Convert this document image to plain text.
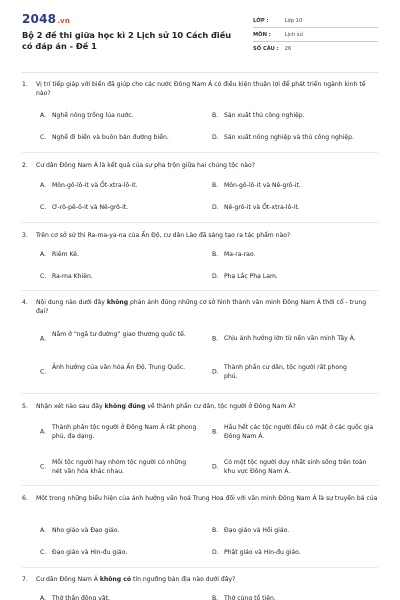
2048.vn
Bộ 2 đề thi giữa học kì 2 Lịch sử 10 Cách điều có đáp án - Đề 1
LỚP :	Lớp 10
MÔN :	Lịch sử
SỐ CÂU : 26
1.	Vị trí tiếp giáp với biển đã giúp cho các nước Đông Nam Á có điều kiện thuận lợi để phát triển ngành kinh tế nào?
A. Nghề nông trồng lúa nước.	B. Sản xuất thủ công nghiệp.
C. Nghề đi biển và buôn bán đường biển.	D. Sản xuất nông nghiệp và thủ công nghiệp.
2.	Cư dân Đông Nam Á là kết quả của sự pha trộn giữa hai chủng tộc nào?
A. Môn-gô-lô-it và Ốt-xtra-lô-it.	B. Môn-gô-lô-it và Nê-grô-it.
C. Ơ-rô-pê-ô-it và Nê-grô-it.	D. Nê-grô-it và Ốt-xtra-lô-it.
3.	Trên cơ sở sử thi Ra-ma-ya-na của Ấn Độ, cư dân Lào đã sáng tạo ra tác phẩm nào?
A. Riêm Kê.	B. Ma-ra-rao.
C. Ra-ma Khiên.	D. Phạ Lắc Phạ Lam.
4.	Nội dung nào dưới đây không phản ánh đúng những cơ sở hình thành văn minh Đông Nam Á thời cổ - trung đại?
A.
Nằm ở “ngã tư đường” giao thương quốc tế.
B. Chịu ảnh hưởng lớn từ nền văn minh Tây Á.
C.
Ảnh hưởng của văn hóa Ấn Độ, Trung Quốc.
D.
Thành phần cư dân, tộc người rất phong phú.
5.	Nhận xét nào sau đây không đúng về thành phần cư dân, tộc người ở Đông Nam Á?
A.
Thành phần tộc người ở Đông Nam Á rất phong phú, đa dạng.
B.
Hầu hết các tộc người đều có mặt ở các quốc gia Đông Nam Á.
C.
Mỗi tộc người hay nhóm tộc người có những nét văn hóa khác nhau.
D.
Có một tộc người duy nhất sinh sống trên toàn khu vực Đông Nam Á.
6.	Một trong những biểu hiện của ảnh hưởng văn hoá Trung Hoa đối với văn minh Đông Nam Á là sự truyền bá của
A. Nho giáo và Đạo giáo.	B. Đạo giáo và Hồi giáo.
C. Đạo giáo và Hin-đu giáo.	D. Phật giáo và Hin-đu giáo.
7.	Cư dân Đông Nam Á không có tín ngưỡng bản địa nào dưới đây?
A. Thờ thần động vật.	B. Thờ cúng tổ tiên.
